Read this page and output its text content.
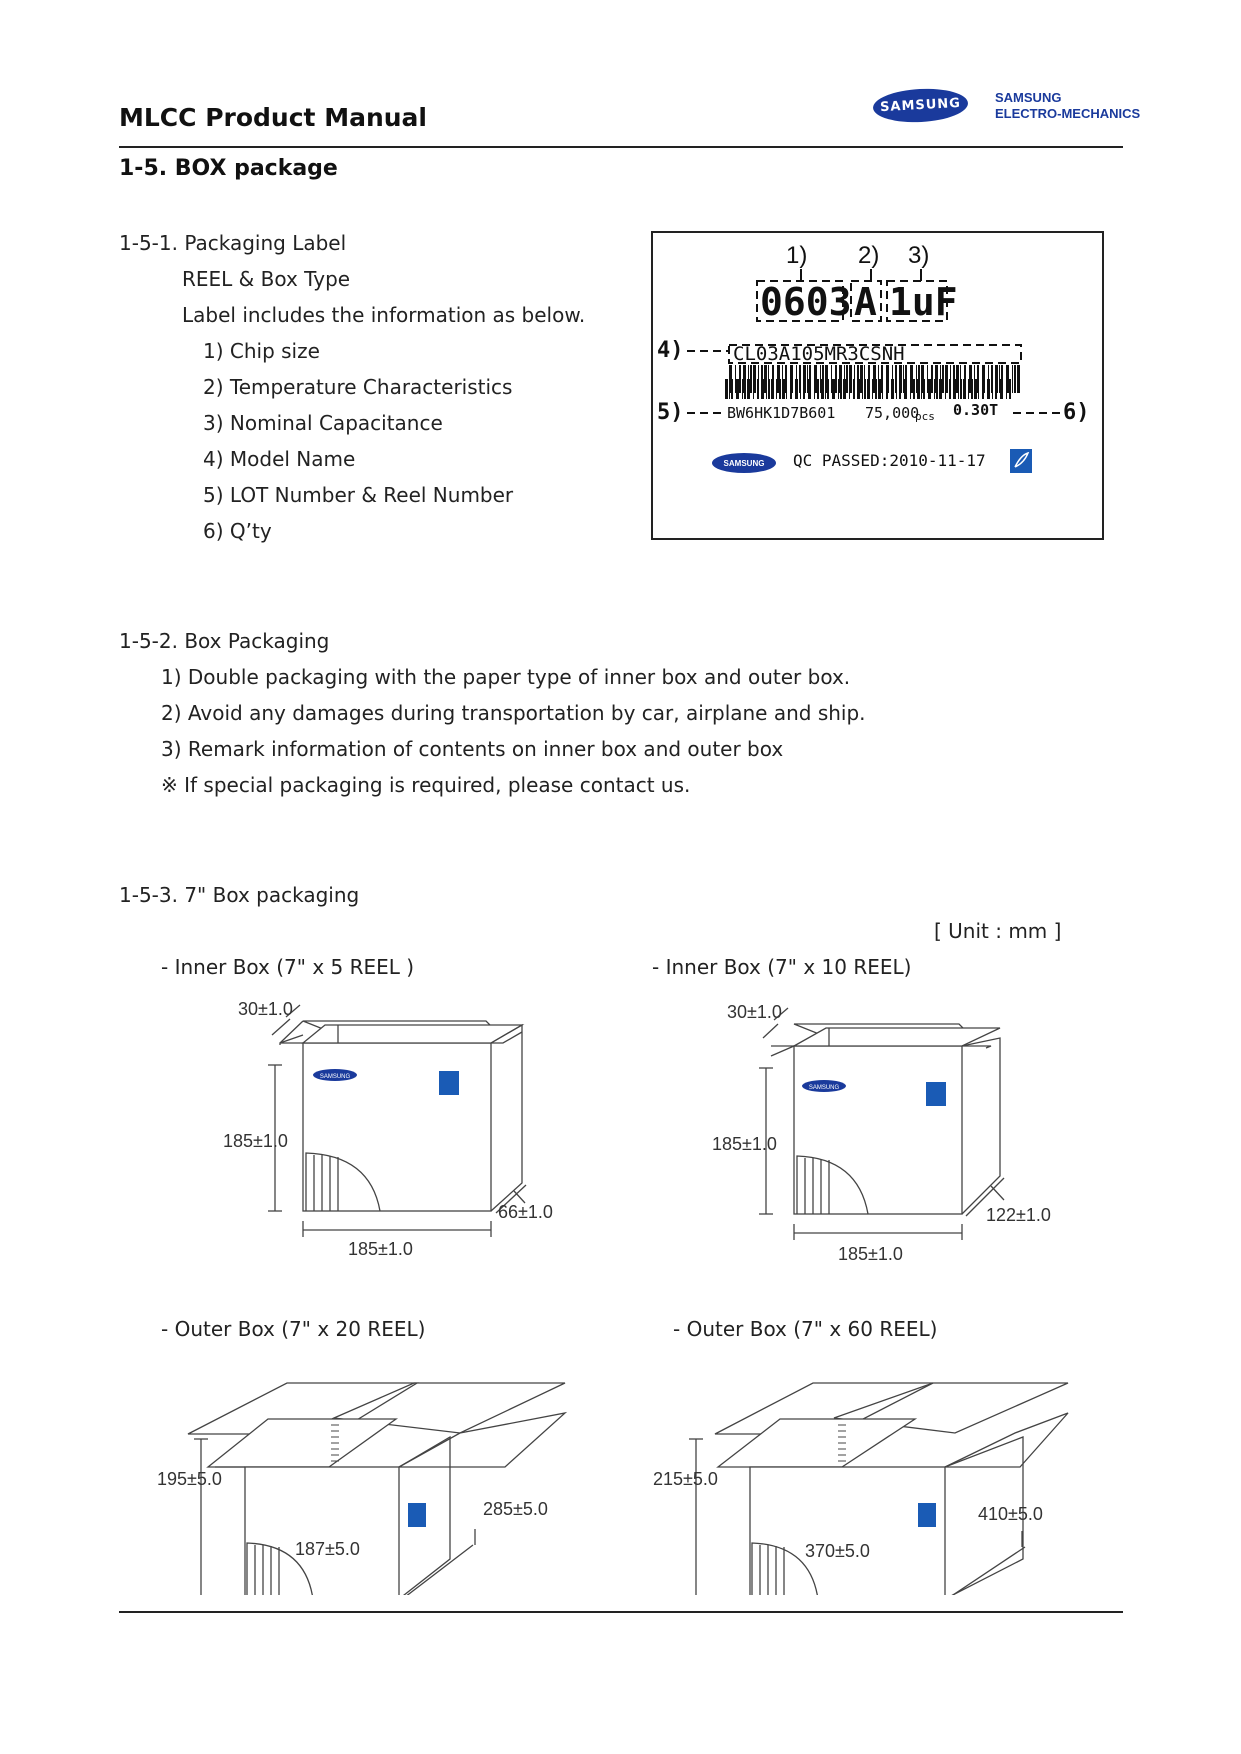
MLCC Product Manual	SAMSUNG	SAMSUNG
ELECTRO-MECHANICS
1-5. BOX package
1-5-1. Packaging Label
REEL & Box Type
Label includes the information as below.
1) Chip size
2) Temperature Characteristics
3) Nominal Capacitance
4) Model Name
5) LOT Number & Reel Number
6) Q’ty
1) 2) 3)
0603 A 1uF
4)	CL03A105MR3CSNH
5)	BW6HK1D7B601 75,000
pcs 0.30T	6)
QC PASSED:2010-11-17
SAMSUNG
1-5-2. Box Packaging
1) Double packaging with the paper type of inner box and outer box.
2) Avoid any damages during transportation by car, airplane and ship.
3) Remark information of contents on inner box and outer box
※ If special packaging is required, please contact us.
1-5-3. 7" Box packaging
[ Unit : mm ]
- Inner Box (7" x 5 REEL )	- Inner Box (7" x 10 REEL)
SAMSUNG
30±1.0
185±1.0
66±1.0
185±1.0
SAMSUNG
30±1.0
185±1.0
122±1.0
185±1.0
- Outer Box (7" x 20 REEL)	- Outer Box (7" x 60 REEL)
195±5.0
285±5.0
187±5.0
215±5.0
410±5.0
370±5.0
